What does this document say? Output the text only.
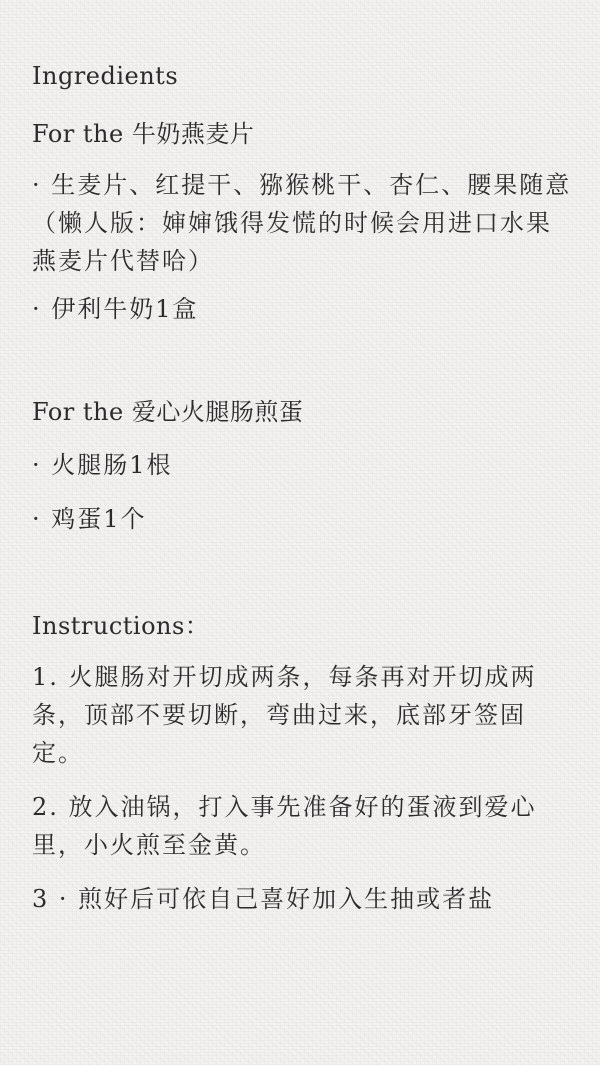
Ingredients

For the 牛奶燕麦片

· 生麦片、红提干、猕猴桃干、杏仁、腰果随意（懒人版：婶婶饿得发慌的时候会用进口水果燕麦片代替哈）

· 伊利牛奶1盒

For the 爱心火腿肠煎蛋

· 火腿肠1根

· 鸡蛋1个

Instructions：

1. 火腿肠对开切成两条，每条再对开切成两条，顶部不要切断，弯曲过来，底部牙签固定。

2. 放入油锅，打入事先准备好的蛋液到爱心里，小火煎至金黄。

3 · 煎好后可依自己喜好加入生抽或者盐
